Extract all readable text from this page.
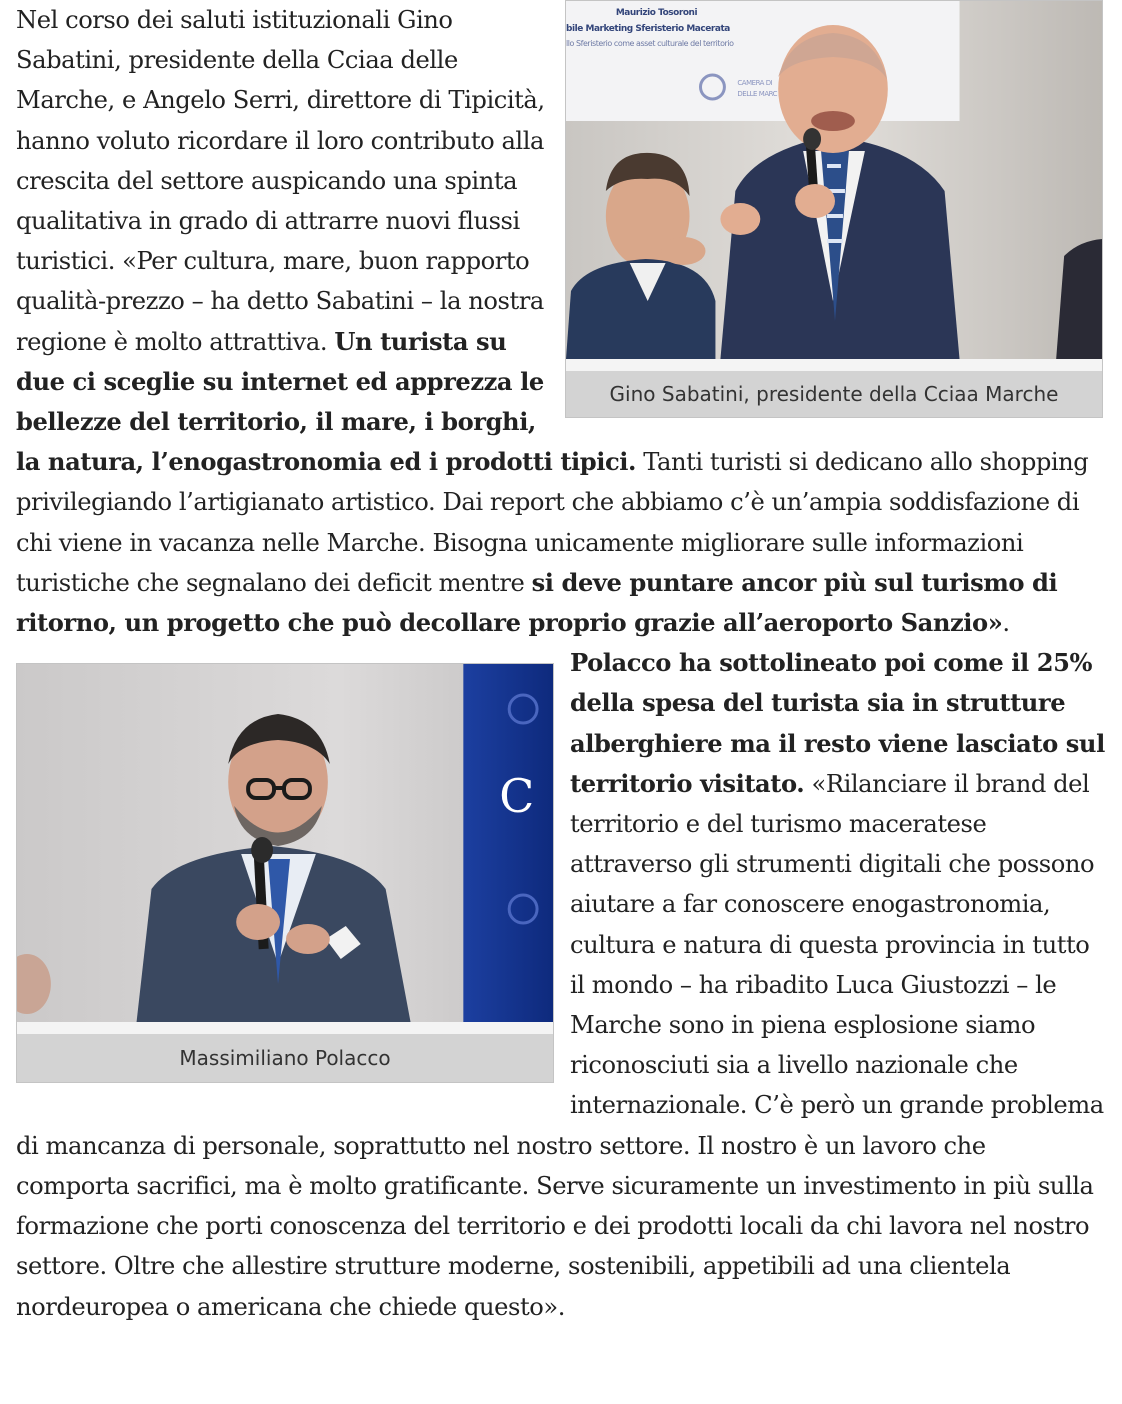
Maurizio Tosoroni
bile Marketing Sferisterio Macerata
llo Sferisterio come asset culturale del territorio
CAMERA DI
DELLE MARC
Gino Sabatini, presidente della Cciaa Marche

Nel corso dei saluti istituzionali Gino Sabatini, presidente della Cciaa delle Marche, e Angelo Serri, direttore di Tipicità, hanno voluto ricordare il loro contributo alla crescita del settore auspicando una spinta qualitativa in grado di attrarre nuovi flussi turistici. «Per cultura, mare, buon rapporto qualità-prezzo – ha detto Sabatini – la nostra regione è molto attrattiva. Un turista su due ci sceglie su internet ed apprezza le bellezze del territorio, il mare, i borghi, la natura, l’enogastronomia ed i prodotti tipici. Tanti turisti si dedicano allo shopping privilegiando l’artigianato artistico. Dai report che abbiamo c’è un’ampia soddisfazione di chi viene in vacanza nelle Marche. Bisogna unicamente migliorare sulle informazioni turistiche che segnalano dei deficit mentre si deve puntare ancor più sul turismo di ritorno, un progetto che può decollare proprio grazie all’aeroporto Sanzio».

C
Massimiliano Polacco

Polacco ha sottolineato poi come il 25% della spesa del turista sia in strutture alberghiere ma il resto viene lasciato sul territorio visitato. «Rilanciare il brand del territorio e del turismo maceratese attraverso gli strumenti digitali che possono aiutare a far conoscere enogastronomia, cultura e natura di questa provincia in tutto il mondo – ha ribadito Luca Giustozzi – le Marche sono in piena esplosione siamo riconosciuti sia a livello nazionale che internazionale. C’è però un grande problema di mancanza di personale, soprattutto nel nostro settore. Il nostro è un lavoro che comporta sacrifici, ma è molto gratificante. Serve sicuramente un investimento in più sulla formazione che porti conoscenza del territorio e dei prodotti locali da chi lavora nel nostro settore. Oltre che allestire strutture moderne, sostenibili, appetibili ad una clientela nordeuropea o americana che chiede questo».
